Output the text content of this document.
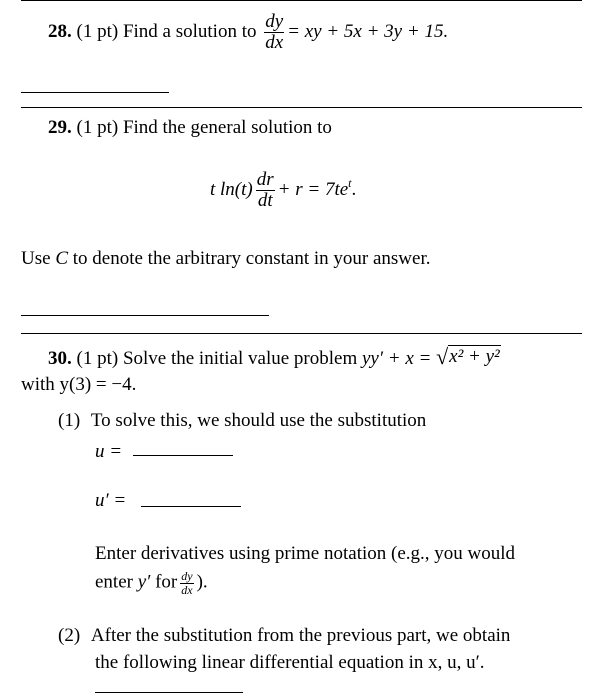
28. (1 pt) Find a solution to $\frac{dy}{dx}$ = xy + 5x + 3y + 15.
29. (1 pt) Find the general solution to
t $\ln(t) \frac{dr}{dt} + r = 7te^t$.
Use C to denote the arbitrary constant in your answer.
30. (1 pt) Solve the initial value problem yy′ + x = √ x² + y²
with y(3) = −4.
(1) To solve this, we should use the substitution
u =
u′ =
Enter derivatives using prime notation (e.g., you would
enter y′ for $\frac{dy}{dx}$ ).
(2) After the substitution from the previous part, we obtain
the following linear differential equation in x, u, u′.
